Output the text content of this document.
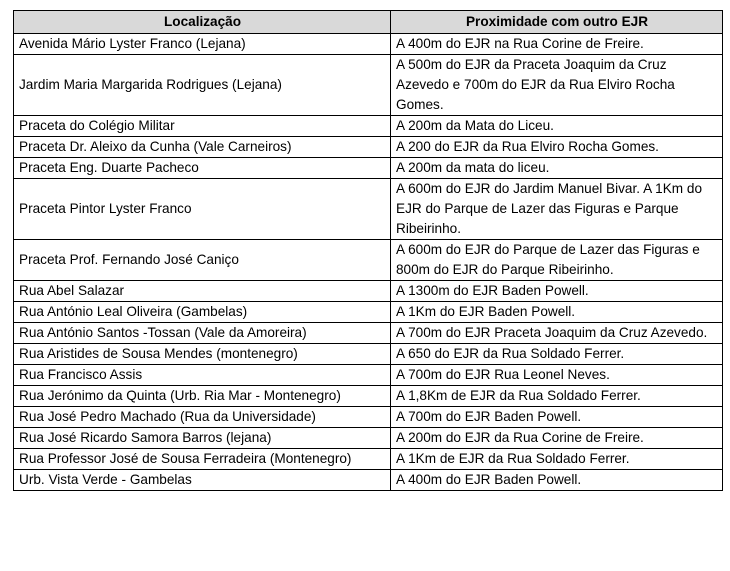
Localização	Proximidade com outro EJR
Avenida Mário Lyster Franco (Lejana)	A 400m do EJR na Rua Corine de Freire.
Jardim Maria Margarida Rodrigues (Lejana)	A 500m do EJR da Praceta Joaquim da Cruz Azevedo e 700m do EJR da Rua Elviro Rocha Gomes.
Praceta do Colégio Militar	A 200m da Mata do Liceu.
Praceta Dr. Aleixo da Cunha (Vale Carneiros)	A 200 do EJR da Rua Elviro Rocha Gomes.
Praceta Eng. Duarte Pacheco	A 200m da mata do liceu.
Praceta Pintor Lyster Franco	A 600m do EJR do Jardim Manuel Bivar. A 1Km do EJR do Parque de Lazer das Figuras e Parque Ribeirinho.
Praceta Prof. Fernando José Caniço	A 600m do EJR do Parque de Lazer das Figuras e 800m do EJR do Parque Ribeirinho.
Rua Abel Salazar	A 1300m do EJR Baden Powell.
Rua António Leal Oliveira (Gambelas)	A 1Km do EJR Baden Powell.
Rua António Santos -Tossan (Vale da Amoreira)	A 700m do EJR Praceta Joaquim da Cruz Azevedo.
Rua Aristides de Sousa Mendes (montenegro)	A 650 do EJR da Rua Soldado Ferrer.
Rua Francisco Assis	A 700m do EJR Rua Leonel Neves.
Rua Jerónimo da Quinta (Urb. Ria Mar - Montenegro)	A 1,8Km de EJR da Rua Soldado Ferrer.
Rua José Pedro Machado (Rua da Universidade)	A 700m do EJR Baden Powell.
Rua José Ricardo Samora Barros (lejana)	A 200m do EJR da Rua Corine de Freire.
Rua Professor José de Sousa Ferradeira (Montenegro)	A 1Km de EJR da Rua Soldado Ferrer.
Urb. Vista Verde - Gambelas	A 400m do EJR Baden Powell.
